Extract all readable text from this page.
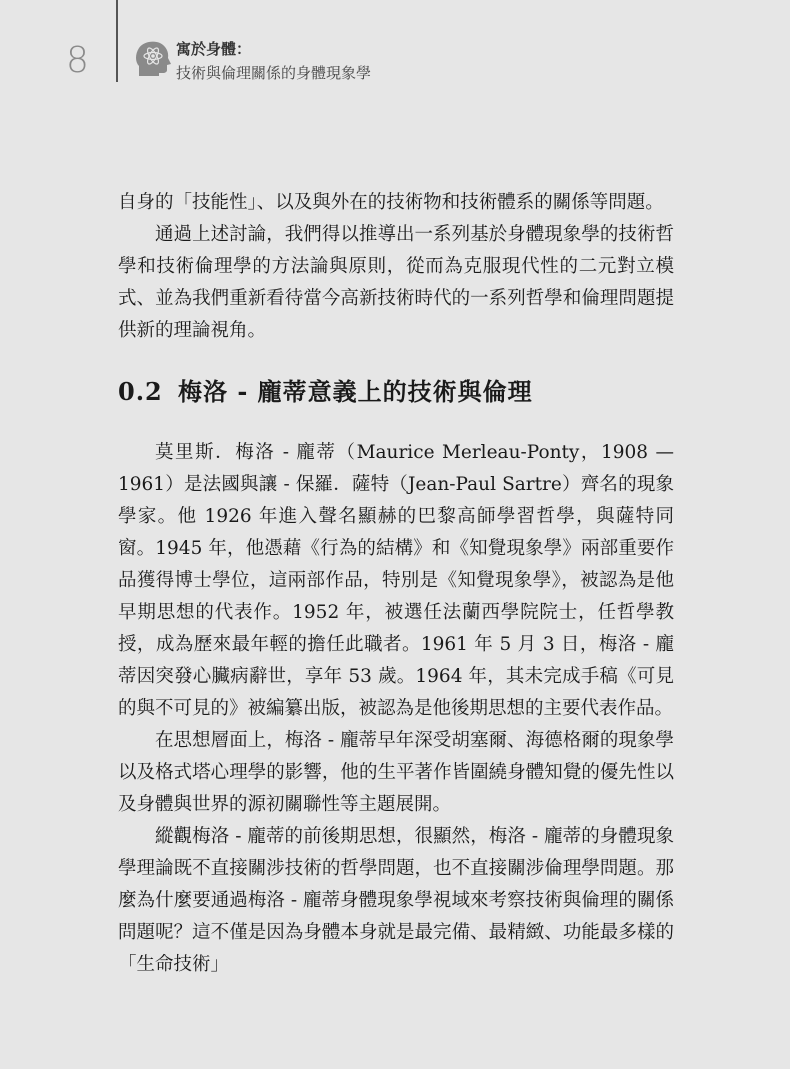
8	寓於身體：
技術與倫理關係的身體現象學

自身的「技能性」、以及與外在的技術物和技術體系的關係等問題。

通過上述討論，我們得以推導出一系列基於身體現象學的技術哲學和技術倫理學的方法論與原則，從而為克服現代性的二元對立模式、並為我們重新看待當今高新技術時代的一系列哲學和倫理問題提供新的理論視角。

0.2 梅洛 - 龐蒂意義上的技術與倫理

莫里斯．梅洛 - 龐蒂（Maurice Merleau-Ponty，1908 — 1961）是法國與讓 - 保羅．薩特（Jean-Paul Sartre）齊名的現象學家。他 1926 年進入聲名顯赫的巴黎高師學習哲學，與薩特同窗。1945 年，他憑藉《行為的結構》和《知覺現象學》兩部重要作品獲得博士學位，這兩部作品，特別是《知覺現象學》，被認為是他早期思想的代表作。1952 年，被選任法蘭西學院院士，任哲學教授，成為歷來最年輕的擔任此職者。1961 年 5 月 3 日，梅洛 - 龐蒂因突發心臟病辭世，享年 53 歲。1964 年，其未完成手稿《可見的與不可見的》被編纂出版，被認為是他後期思想的主要代表作品。

在思想層面上，梅洛 - 龐蒂早年深受胡塞爾、海德格爾的現象學以及格式塔心理學的影響，他的生平著作皆圍繞身體知覺的優先性以及身體與世界的源初關聯性等主題展開。

縱觀梅洛 - 龐蒂的前後期思想，很顯然，梅洛 - 龐蒂的身體現象學理論既不直接關涉技術的哲學問題，也不直接關涉倫理學問題。那麼為什麼要通過梅洛 - 龐蒂身體現象學視域來考察技術與倫理的關係問題呢？這不僅是因為身體本身就是最完備、最精緻、功能最多樣的「生命技術」
